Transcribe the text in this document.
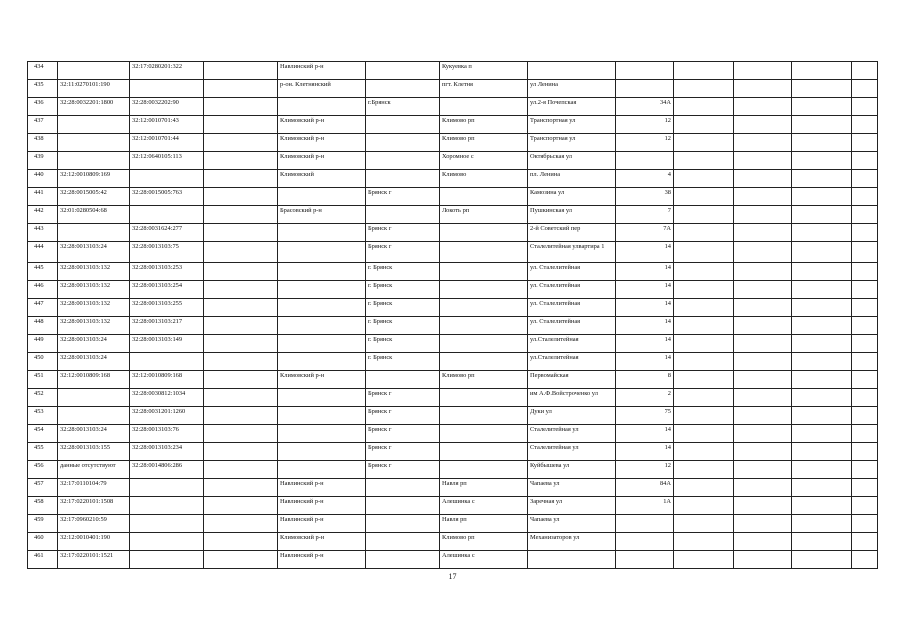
434		32:17:0280201:322		Навлинский р-н		Кукуевка п						
435	32:11:0270101:190			р-он. Клетнянский		пгт. Клетня	ул Ленина					
436	32:28:0032201:1800	32:28:0032202:90			г.Брянск		ул.2-я Почепская	34А				
437		32:12:0010701:43		Климовский р-н		Климово рп	Транспортная ул	12				
438		32:12:0010701:44		Климовский р-н		Климово рп	Транспортная ул	12				
439		32:12:0640105:113		Климовский р-н		Хоромное с	Октябрьская ул					
440	32:12:0010809:169			Климовский		Климово	пл. Ленина	4				
441	32:28:0015005:42	32:28:0015005:763			Брянск г		Камозина ул	38				
442	32:01:0280504:68			Брасовский р-н		Локоть рп	Пушкинская ул	7				
443		32:28:0031624:277			Брянск г		2-й Советский пер	7А				
444	32:28:0013103:24	32:28:0013103:75			Брянск г		Сталелитейная улвартира 1	14				
445	32:28:0013103:132	32:28:0013103:253			г. Брянск		ул. Сталелитейная	14				
446	32:28:0013103:132	32:28:0013103:254			г. Брянск		ул. Сталелитейная	14				
447	32:28:0013103:132	32:28:0013103:255			г. Брянск		ул. Сталелитейная	14				
448	32:28:0013103:132	32:28:0013103:217			г. Брянск		ул. Сталелитейная	14				
449	32:28:0013103:24	32:28:0013103:149			г. Брянск		ул.Сталелитейная	14				
450	32:28:0013103:24				г. Брянск		ул.Сталелитейная	14				
451	32:12:0010809:168	32:12:0010809:168		Климовский р-н		Климово рп	Первомайская	8				
452		32:28:0030812:1034			Брянск г		им А.Ф.Войстроченко ул	2				
453		32:28:0031201:1260			Брянск г		Дуки ул	75				
454	32:28:0013103:24	32:28:0013103:76			Брянск г		Сталелитейная ул	14				
455	32:28:0013103:155	32:28:0013103:234			Брянск г		Сталелитейная ул	14				
456	данные отсутствуют	32:28:0014806:286			Брянск г		Куйбышева ул	12				
457	32:17:0110104:79			Навлинский р-н		Навля рп	Чапаева ул	84А				
458	32:17:0220101:1508			Навлинский р-н		Алешинка с	Заречная ул	1А				
459	32:17:0960210:59			Навлинский р-н		Навля рп	Чапаева ул					
460	32:12:0010401:190			Климовский р-н		Климово рп	Механизаторов ул					
461	32:17:0220101:1521			Навлинский р-н		Алешинка с						
17
